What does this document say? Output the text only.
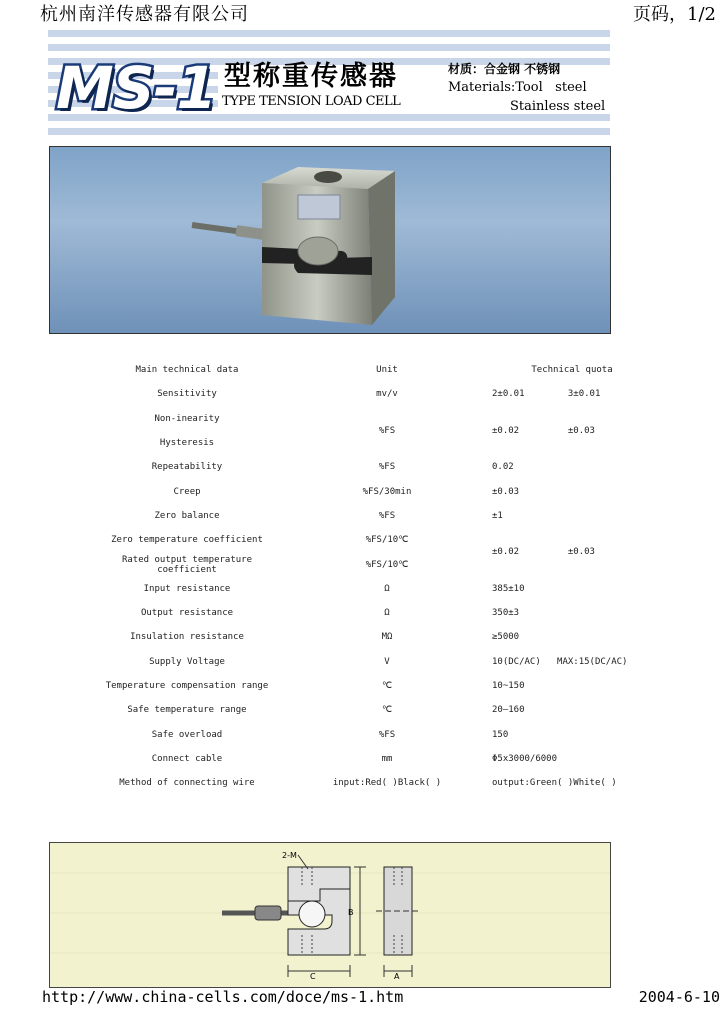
杭州南洋传感器有限公司	页码，1/2
MS-1 型称重传感器
TYPE TENSION LOAD CELL
材质：合金钢 不锈钢
Materials:Tool   steel
Stainless steel
Main technical data	Unit	Technical quota
Sensitivity	mv/v	2±0.01        3±0.01
Non-inearity	%FS	±0.02         ±0.03
Hysteresis		
Repeatability	%FS	0.02
Creep	%FS/30min	±0.03
Zero balance	%FS	±1
Zero temperature coefficient	%FS/10℃	±0.02         ±0.03
Rated output temperature coefficient	%FS/10℃	
Input resistance	Ω	385±10
Output resistance	Ω	350±3
Insulation resistance	MΩ	≥5000
Supply Voltage	V	10(DC/AC)   MAX:15(DC/AC)
Temperature compensation range	℃	10~150
Safe temperature range	℃	20—160
Safe overload	%FS	150
Connect cable	mm	Φ5x3000/6000
Method of connecting wire	input:Red( )Black( )	output:Green( )White( )
2-M
B
C	A
http://www.china-cells.com/doce/ms-1.htm	2004-6-10
